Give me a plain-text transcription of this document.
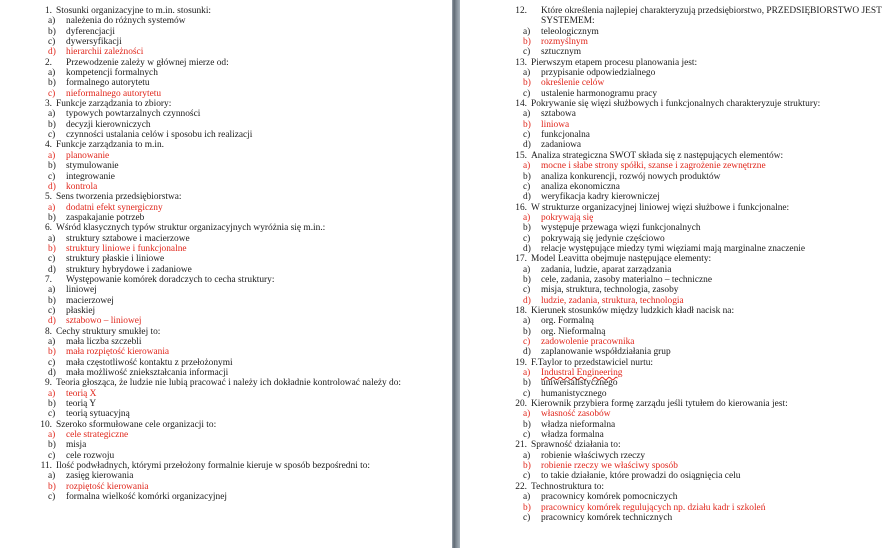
1. Stosunki organizacyjne to m.in. stosunki:
a)	należenia do różnych systemów
b)	dyferencjacji
c)	dywersyfikacji
d)	hierarchii zależności
2.	Przewodzenie zależy w głównej mierze od:
a)	kompetencji formalnych
b)	formalnego autorytetu
c)	nieformalnego autorytetu
3. Funkcje zarządzania to zbiory:
a)	typowych powtarzalnych czynności
b)	decyzji kierowniczych
c)	czynności ustalania celów i sposobu ich realizacji
4. Funkcje zarządzania to m.in.
a)	planowanie
b)	stymulowanie
c)	integrowanie
d)	kontrola
5. Sens tworzenia przedsiębiorstwa:
a)	dodatni efekt synergiczny
b)	zaspakajanie potrzeb
6. Wśród klasycznych typów struktur organizacyjnych wyróżnia się m.in.:
a)	struktury sztabowe i macierzowe
b)	struktury liniowe i funkcjonalne
c)	struktury płaskie i liniowe
d)	struktury hybrydowe i zadaniowe
7.	Występowanie komórek doradczych to cecha struktury:
a)	liniowej
b)	macierzowej
c)	płaskiej
d)	sztabowo – liniowej
8. Cechy struktury smukłej to:
a)	mała liczba szczebli
b)	mała rozpiętość kierowania
c)	mała częstotliwość kontaktu z przełożonymi
d)	mała możliwość zniekształcania informacji
9. Teoria głosząca, że ludzie nie lubią pracować i należy ich dokładnie kontrolować należy do:
a)	teorią X
b)	teorią Y
c)	teorią sytuacyjną
10. Szeroko sformułowane cele organizacji to:
a)	cele strategiczne
b)	misja
c)	cele rozwoju
11. Ilość podwładnych, którymi przełożony formalnie kieruje w sposób bezpośredni to:
a)	zasięg kierowania
b)	rozpiętość kierowania
c)	formalna wielkość komórki organizacyjnej
12.	Które określenia najlepiej charakteryzują przedsiębiorstwo, PRZEDSIĘBIORSTWO JEST SYSTEMEM:
a)	teleologicznym
b)	rozmyślnym
c)	sztucznym
13. Pierwszym etapem procesu planowania jest:
a)	przypisanie odpowiedzialnego
b)	określenie celów
c)	ustalenie harmonogramu pracy
14. Pokrywanie się więzi służbowych i funkcjonalnych charakteryzuje struktury:
a)	sztabowa
b)	liniowa
c)	funkcjonalna
d)	zadaniowa
15. Analiza strategiczna SWOT składa się z następujących elementów:
a)	mocne i słabe strony spółki, szanse i zagrożenie zewnętrzne
b)	analiza konkurencji, rozwój nowych produktów
c)	analiza ekonomiczna
d)	weryfikacja kadry kierowniczej
16. W strukturze organizacyjnej liniowej więzi służbowe i funkcjonalne:
a)	pokrywają się
b)	występuje przewaga więzi funkcjonalnych
c)	pokrywają się jedynie częściowo
d)	relacje występujące miedzy tymi więziami mają marginalne znaczenie
17. Model Leavitta obejmuje następujące elementy:
a)	zadania, ludzie, aparat zarządzania
b)	cele, zadania, zasoby materialno – techniczne
c)	misja, struktura, technologia, zasoby
d)	ludzie, zadania, struktura, technologia
18. Kierunek stosunków między ludzkich kładł nacisk na:
a)	org. Formalną
b)	org. Nieformalną
c)	zadowolenie pracownika
d)	zaplanowanie współdziałania grup
19. F.Taylor to przedstawiciel nurtu:
a)	Industral Engineering
b)	uniwersalistycznego
c)	humanistycznego
20. Kierownik przybiera formę zarządu jeśli tytułem do kierowania jest:
a)	własność zasobów
b)	władza nieformalna
c)	władza formalna
21. Sprawność działania to:
a)	robienie właściwych rzeczy
b)	robienie rzeczy we właściwy sposób
c)	to takie działanie, które prowadzi do osiągnięcia celu
22. Technostruktura to:
a)	pracownicy komórek pomocniczych
b)	pracownicy komórek regulujących np. działu kadr i szkoleń
c)	pracownicy komórek technicznych
